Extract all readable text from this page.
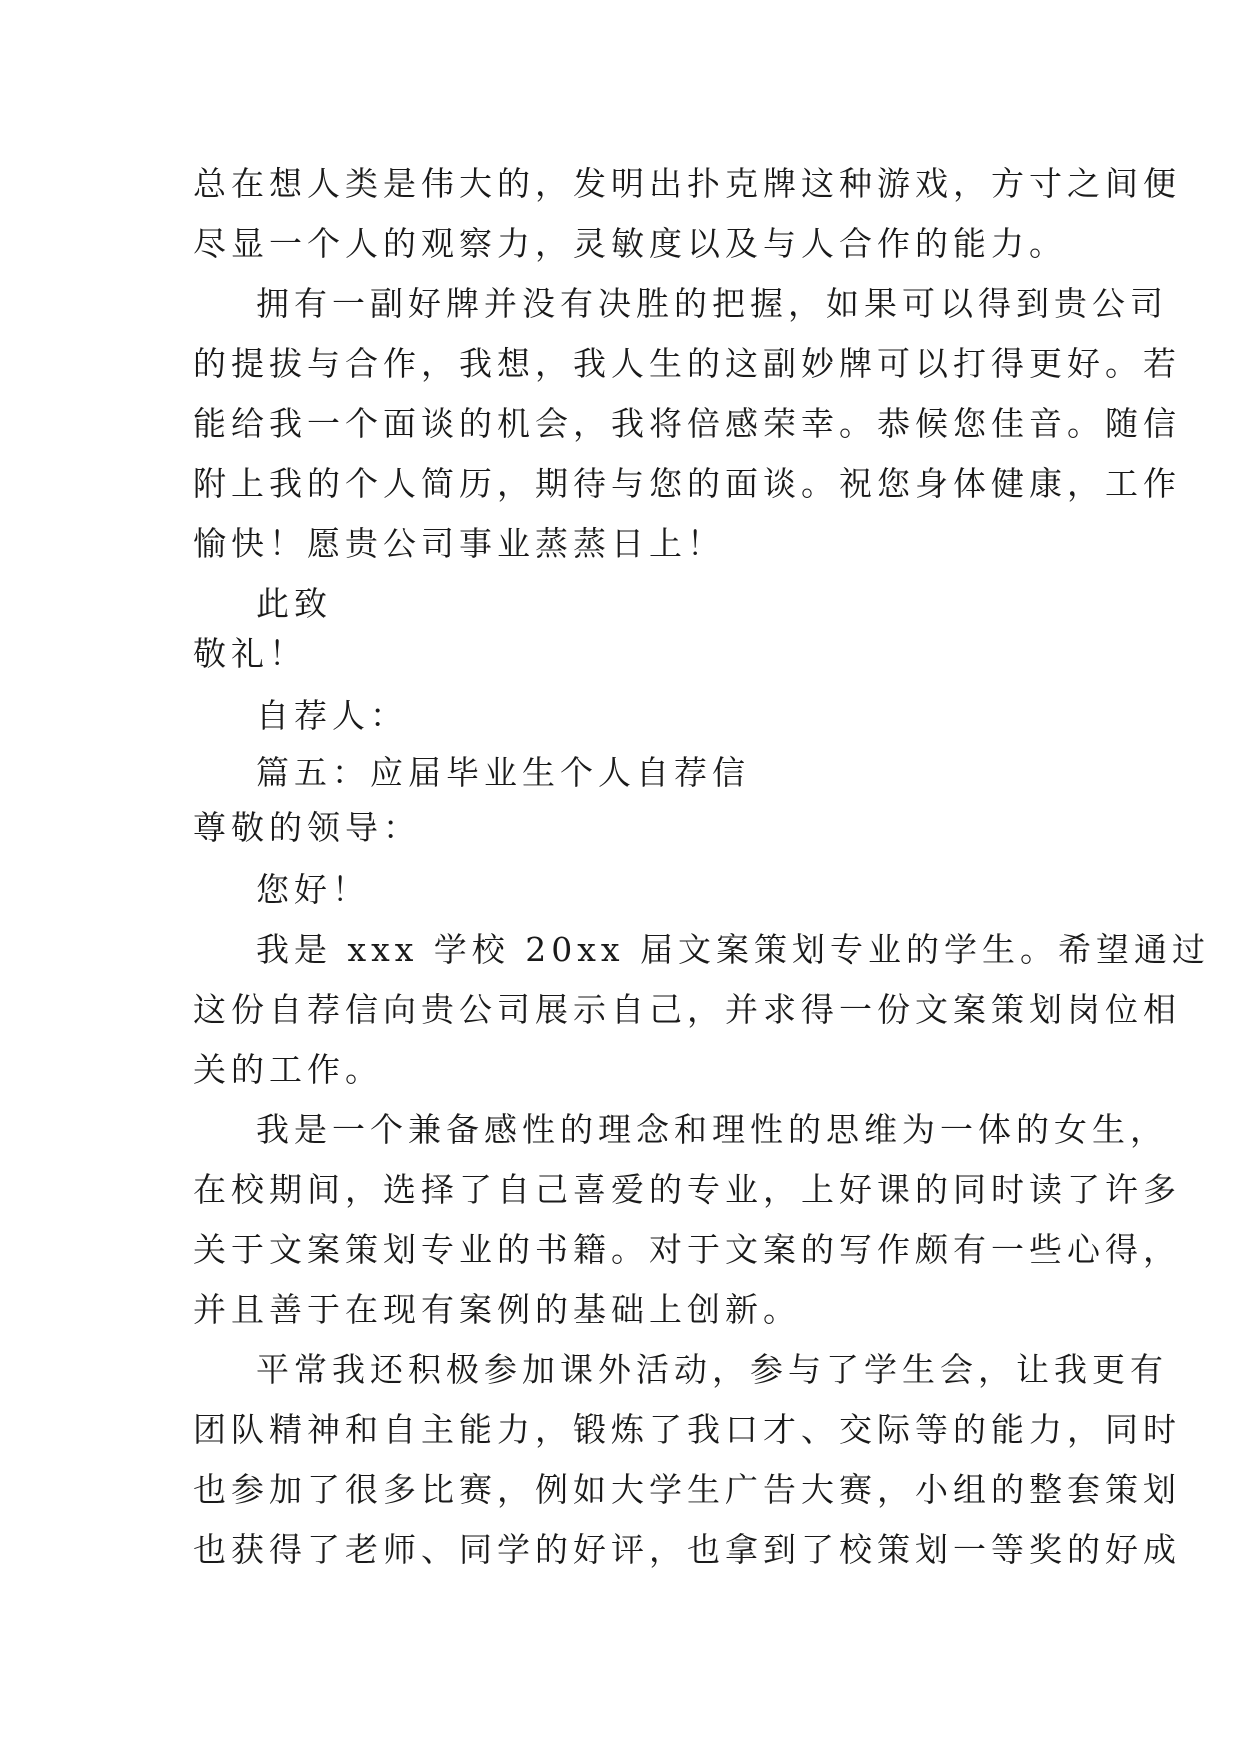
总在想人类是伟大的，发明出扑克牌这种游戏，方寸之间便
尽显一个人的观察力，灵敏度以及与人合作的能力。
拥有一副好牌并没有决胜的把握，如果可以得到贵公司
的提拔与合作，我想，我人生的这副妙牌可以打得更好。若
能给我一个面谈的机会，我将倍感荣幸。恭候您佳音。随信
附上我的个人简历，期待与您的面谈。祝您身体健康，工作
愉快！愿贵公司事业蒸蒸日上！
此致
敬礼！
自荐人：
篇五：应届毕业生个人自荐信
尊敬的领导：
您好！
我是 xxx 学校 20xx 届文案策划专业的学生。希望通过
这份自荐信向贵公司展示自己，并求得一份文案策划岗位相
关的工作。
我是一个兼备感性的理念和理性的思维为一体的女生，
在校期间，选择了自己喜爱的专业，上好课的同时读了许多
关于文案策划专业的书籍。对于文案的写作颇有一些心得，
并且善于在现有案例的基础上创新。
平常我还积极参加课外活动，参与了学生会，让我更有
团队精神和自主能力，锻炼了我口才、交际等的能力，同时
也参加了很多比赛，例如大学生广告大赛，小组的整套策划
也获得了老师、同学的好评，也拿到了校策划一等奖的好成
